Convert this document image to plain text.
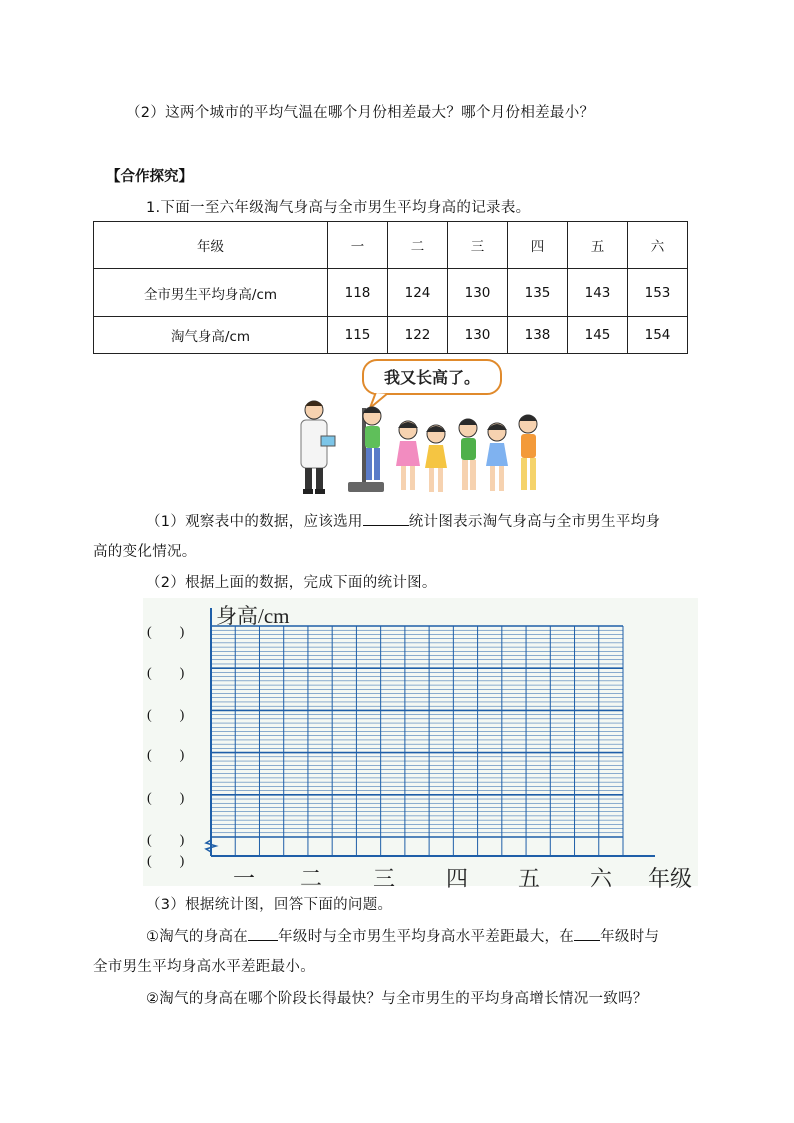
（2）这两个城市的平均气温在哪个月份相差最大？哪个月份相差最小？
【合作探究】
1.下面一至六年级淘气身高与全市男生平均身高的记录表。
年级	一	二	三	四	五	六
全市男生平均身高/cm	118	124	130	135	143	153
淘气身高/cm	115	122	130	138	145	154
我又长高了。
（1）观察表中的数据，应该选用	统计图表示淘气身高与全市男生平均身
高的变化情况。
（2）根据上面的数据，完成下面的统计图。
身高/cm
(　　)
(　　)
(　　)
(　　)
(　　)
(　　)
(　　)
一 二 三 四 五 六 年级
（3）根据统计图，回答下面的问题。
①淘气的身高在 年级时与全市男生平均身高水平差距最大，在 年级时与
全市男生平均身高水平差距最小。
②淘气的身高在哪个阶段长得最快？与全市男生的平均身高增长情况一致吗？
